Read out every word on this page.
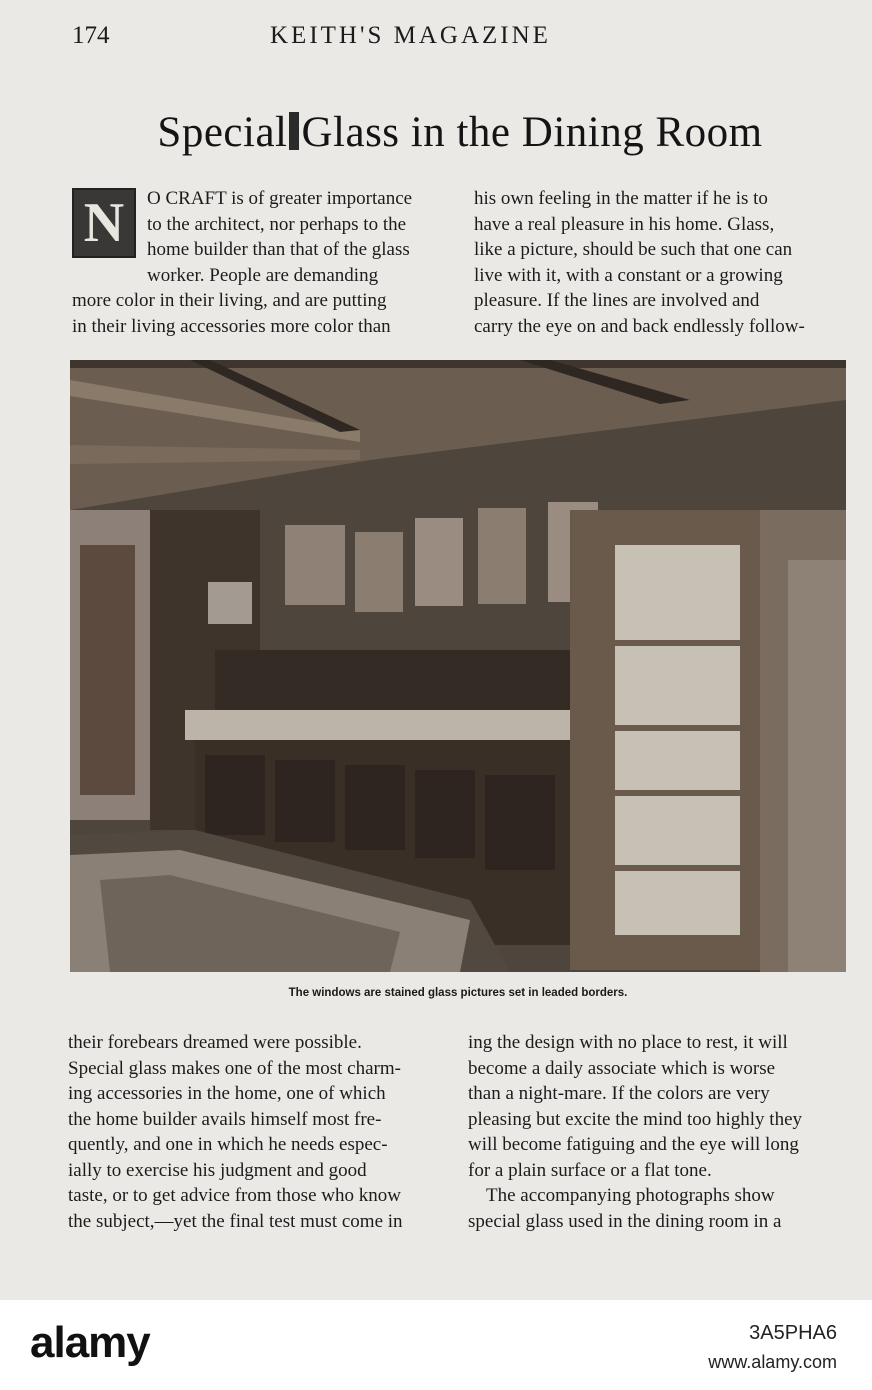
174	KEITH'S MAGAZINE
Special Glass in the Dining Room
N	O CRAFT is of greater importance
to the architect, nor perhaps to the
home builder than that of the glass
worker. People are demanding
more color in their living, and are putting
in their living accessories more color than
his own feeling in the matter if he is to
have a real pleasure in his home. Glass,
like a picture, should be such that one can
live with it, with a constant or a growing
pleasure. If the lines are involved and
carry the eye on and back endlessly follow-
The windows are stained glass pictures set in leaded borders.
their forebears dreamed were possible.
Special glass makes one of the most charm-
ing accessories in the home, one of which
the home builder avails himself most fre-
quently, and one in which he needs espec-
ially to exercise his judgment and good
taste, or to get advice from those who know
the subject,—yet the final test must come in
ing the design with no place to rest, it will
become a daily associate which is worse
than a night-mare. If the colors are very
pleasing but excite the mind too highly they
will become fatiguing and the eye will long
for a plain surface or a flat tone.
The accompanying photographs show
special glass used in the dining room in a
alamy	3A5PHA6
www.alamy.com
